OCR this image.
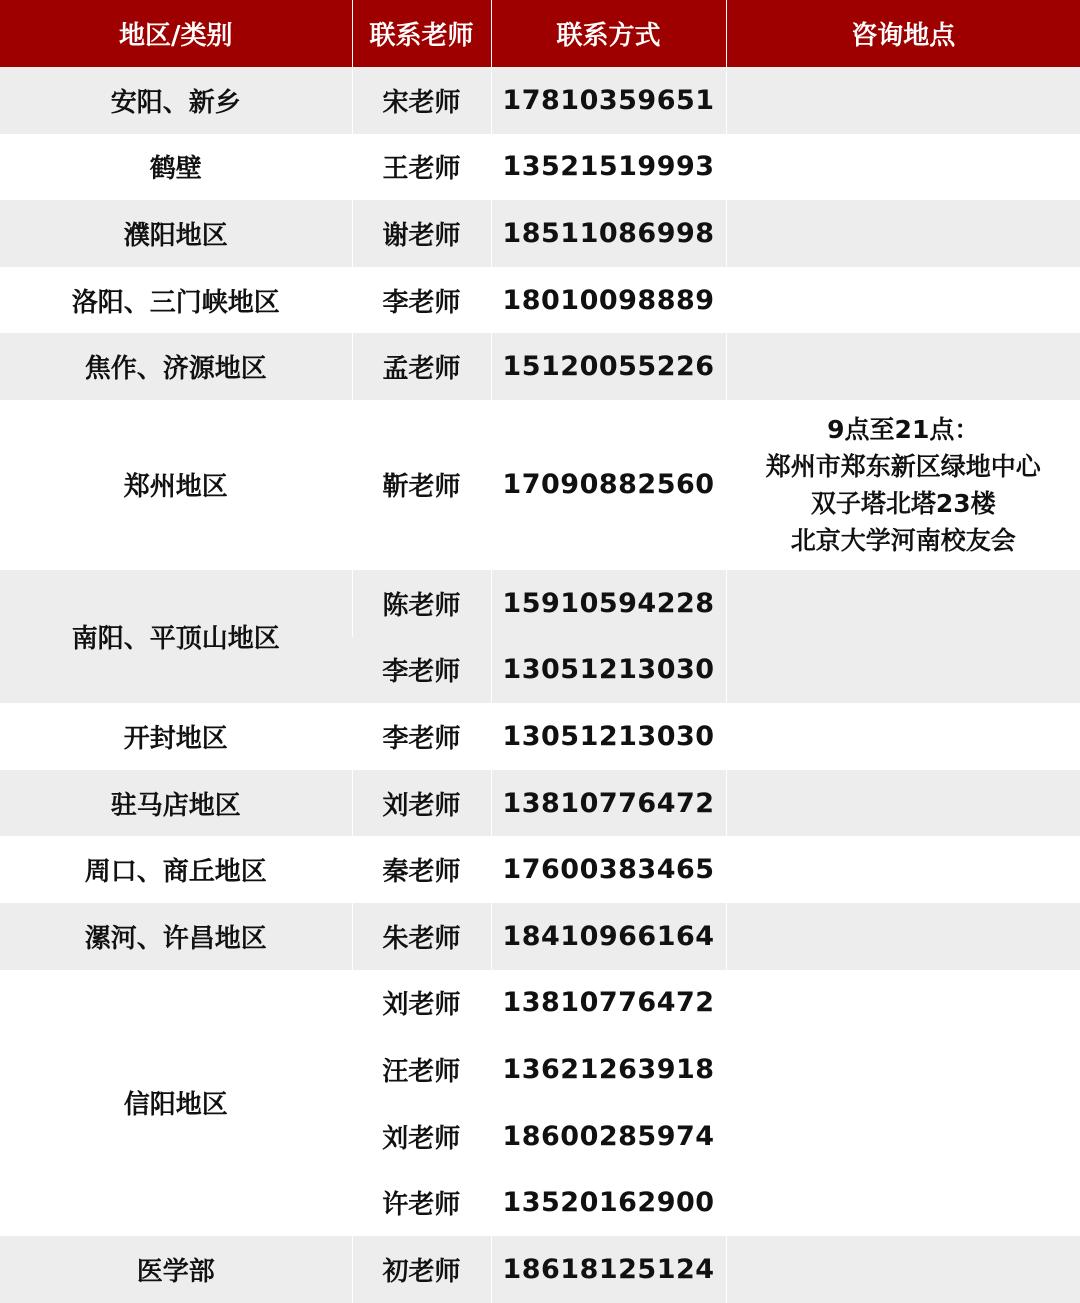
地区/类别	联系老师	联系方式	咨询地点
安阳、新乡	宋老师	17810359651	
鹤壁	王老师	13521519993	
濮阳地区	谢老师	18511086998	
洛阳、三门峡地区	李老师	18010098889	
焦作、济源地区	孟老师	15120055226	
郑州地区	靳老师	17090882560	9点至21点：
郑州市郑东新区绿地中心
双子塔北塔23楼
北京大学河南校友会

南阳、平顶山地区	陈老师	15910594228	
	李老师	13051213030	
开封地区	李老师	13051213030	
驻马店地区	刘老师	13810776472	
周口、商丘地区	秦老师	17600383465	
漯河、许昌地区	朱老师	18410966164	
信阳地区	刘老师	13810776472	
	汪老师	13621263918	
	刘老师	18600285974	
	许老师	13520162900	
医学部	初老师	18618125124	
